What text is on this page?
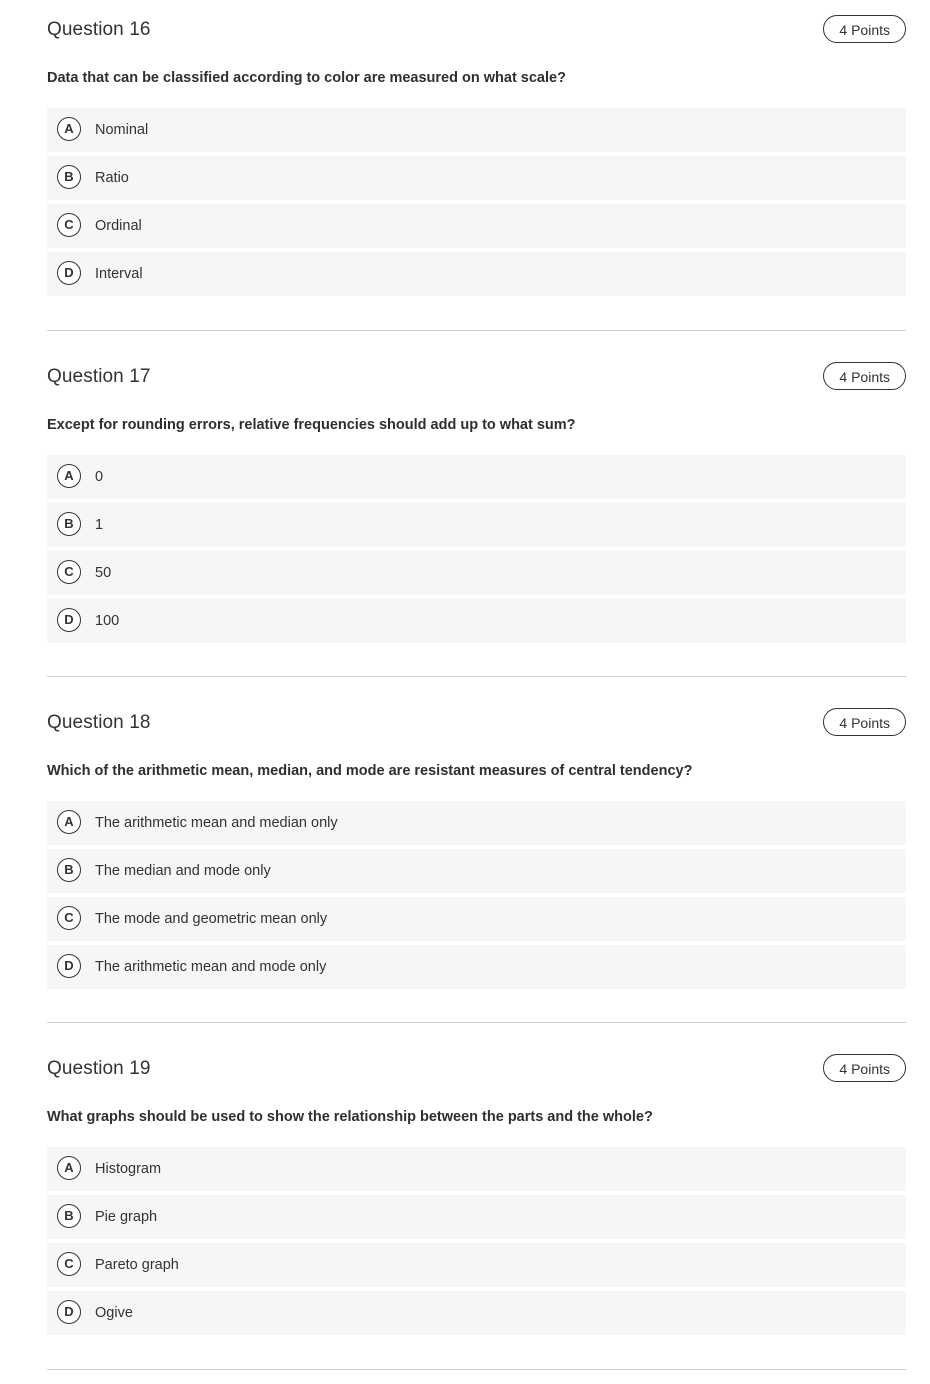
Question 16	4 Points
Data that can be classified according to color are measured on what scale?
A	Nominal
B	Ratio
C	Ordinal
D	Interval
Question 17	4 Points
Except for rounding errors, relative frequencies should add up to what sum?
A	0
B	1
C	50
D	100
Question 18	4 Points
Which of the arithmetic mean, median, and mode are resistant measures of central tendency?
A	The arithmetic mean and median only
B	The median and mode only
C	The mode and geometric mean only
D	The arithmetic mean and mode only
Question 19	4 Points
What graphs should be used to show the relationship between the parts and the whole?
A	Histogram
B	Pie graph
C	Pareto graph
D	Ogive
